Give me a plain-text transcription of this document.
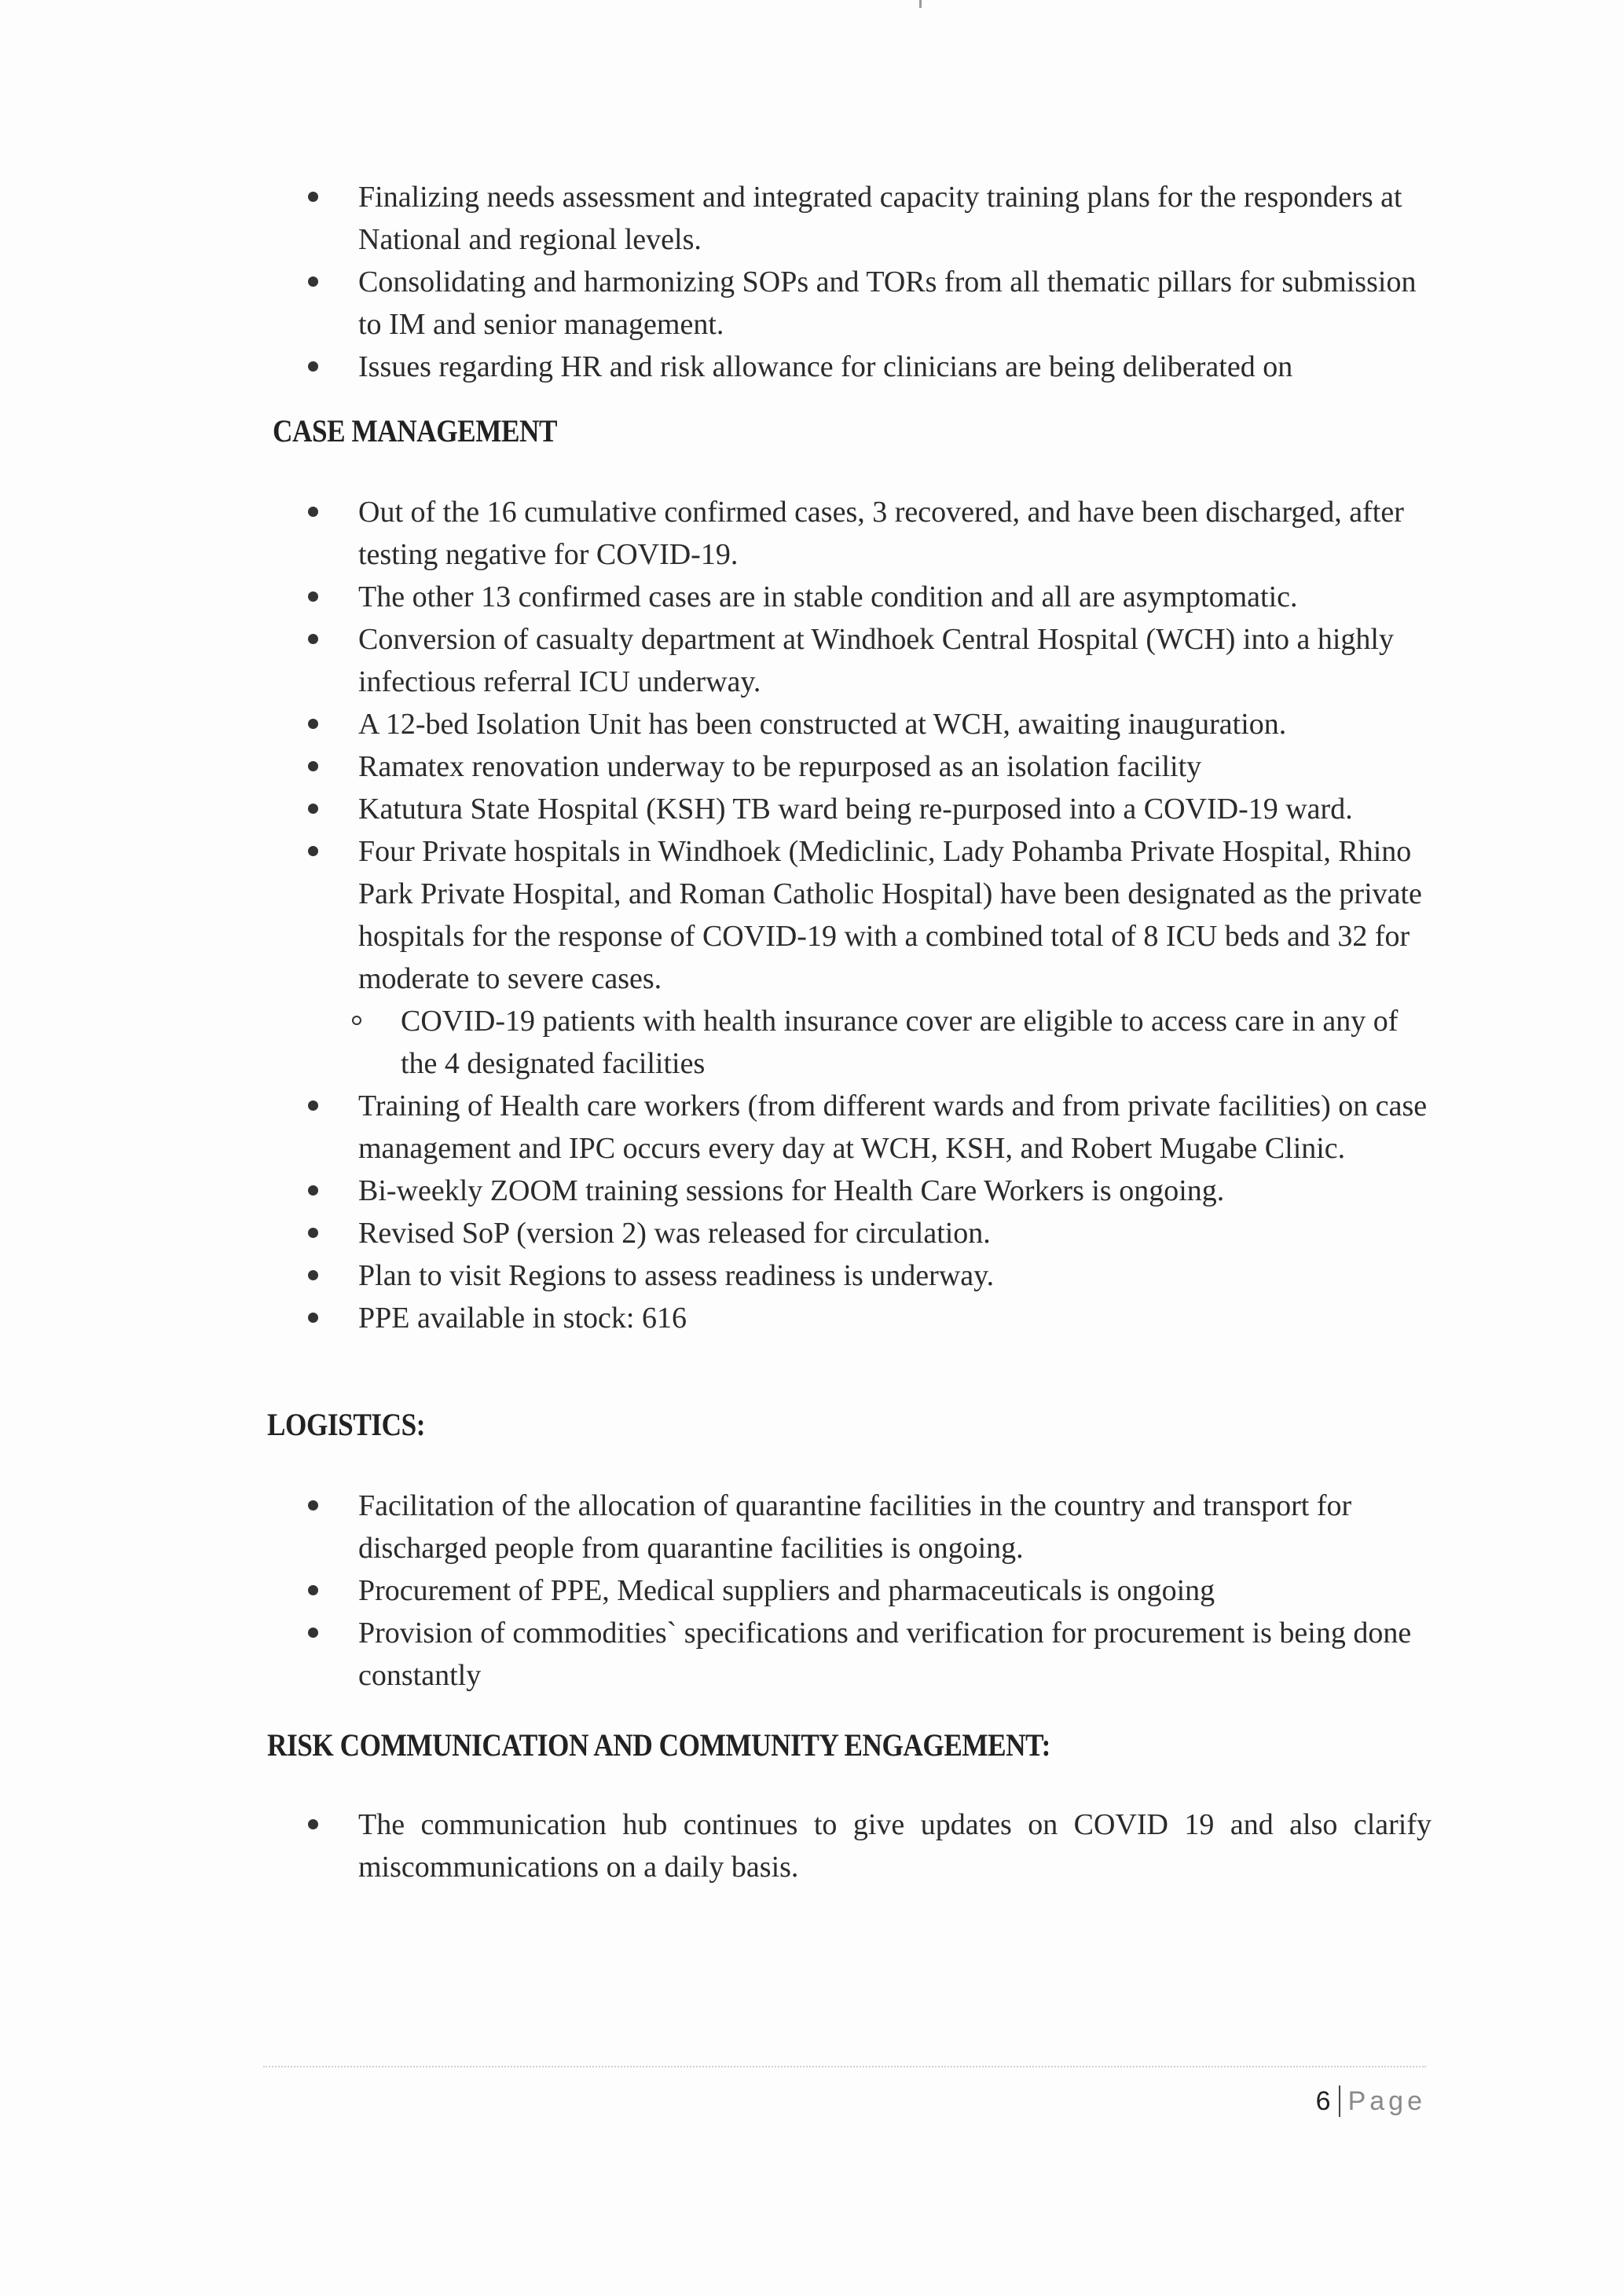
Finalizing needs assessment and integrated capacity training plans for the responders at National and regional levels.
Consolidating and harmonizing SOPs and TORs from all thematic pillars for submission to IM and senior management.
Issues regarding HR and risk allowance for clinicians are being deliberated on
CASE MANAGEMENT
Out of the 16 cumulative confirmed cases, 3 recovered, and have been discharged, after testing negative for COVID-19.
The other 13 confirmed cases are in stable condition and all are asymptomatic.
Conversion of casualty department at Windhoek Central Hospital (WCH) into a highly infectious referral ICU underway.
A 12-bed Isolation Unit has been constructed at WCH, awaiting inauguration.
Ramatex renovation underway to be repurposed as an isolation facility
Katutura State Hospital (KSH) TB ward being re-purposed into a COVID-19 ward.
Four Private hospitals in Windhoek (Mediclinic, Lady Pohamba Private Hospital, Rhino Park Private Hospital, and Roman Catholic Hospital) have been designated as the private hospitals for the response of COVID-19 with a combined total of 8 ICU beds and 32 for moderate to severe cases.
COVID-19 patients with health insurance cover are eligible to access care in any of the 4 designated facilities
Training of Health care workers (from different wards and from private facilities) on case management and IPC occurs every day at WCH, KSH, and Robert Mugabe Clinic.
Bi-weekly ZOOM training sessions for Health Care Workers is ongoing.
Revised SoP (version 2) was released for circulation.
Plan to visit Regions to assess readiness is underway.
PPE available in stock: 616
LOGISTICS:
Facilitation of the allocation of quarantine facilities in the country and transport for discharged people from quarantine facilities is ongoing.
Procurement of PPE, Medical suppliers and pharmaceuticals is ongoing
Provision of commodities` specifications and verification for procurement is being done constantly
RISK COMMUNICATION AND COMMUNITY ENGAGEMENT:
The communication hub continues to give updates on COVID 19 and also clarify miscommunications on a daily basis.
6 Page
